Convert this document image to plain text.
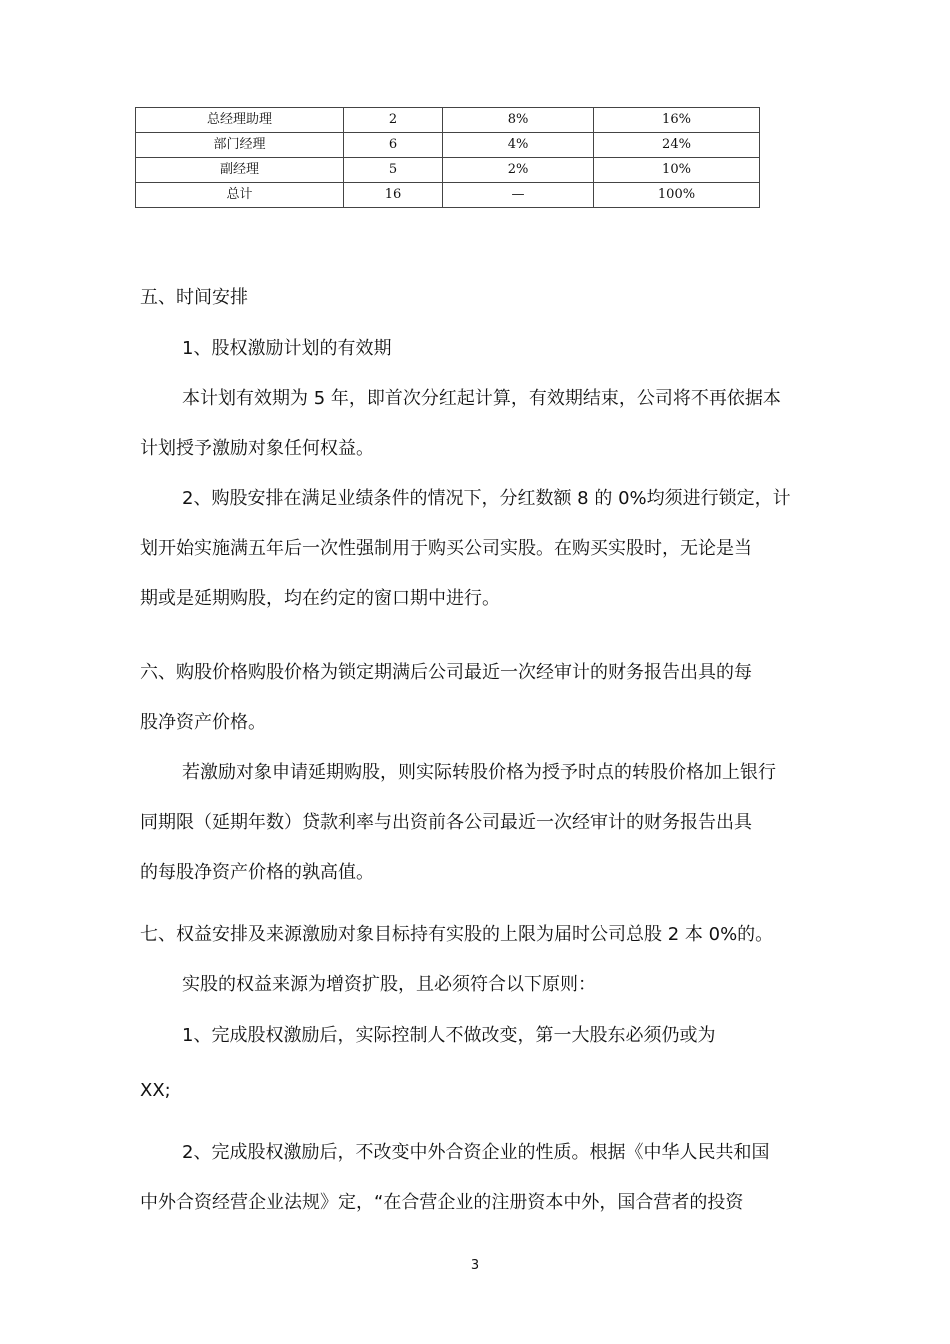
总经理助理	2	8%	16%
部门经理	6	4%	24%
副经理	5	2%	10%
总计	16	—	100%
五、时间安排
1、股权激励计划的有效期
本计划有效期为 5 年，即首次分红起计算，有效期结束，公司将不再依据本
计划授予激励对象任何权益。
2、购股安排在满足业绩条件的情况下，分红数额 8 的 0%均须进行锁定，计
划开始实施满五年后一次性强制用于购买公司实股。在购买实股时，无论是当
期或是延期购股，均在约定的窗口期中进行。
六、购股价格购股价格为锁定期满后公司最近一次经审计的财务报告出具的每
股净资产价格。
若激励对象申请延期购股，则实际转股价格为授予时点的转股价格加上银行
同期限（延期年数）贷款利率与出资前各公司最近一次经审计的财务报告出具
的每股净资产价格的孰高值。
七、权益安排及来源激励对象目标持有实股的上限为届时公司总股 2 本 0%的。
实股的权益来源为增资扩股，且必须符合以下原则：
1、完成股权激励后，实际控制人不做改变，第一大股东必须仍或为
XX;
2、完成股权激励后，不改变中外合资企业的性质。根据《中华人民共和国
中外合资经营企业法规》定，“在合营企业的注册资本中外，国合营者的投资
3
